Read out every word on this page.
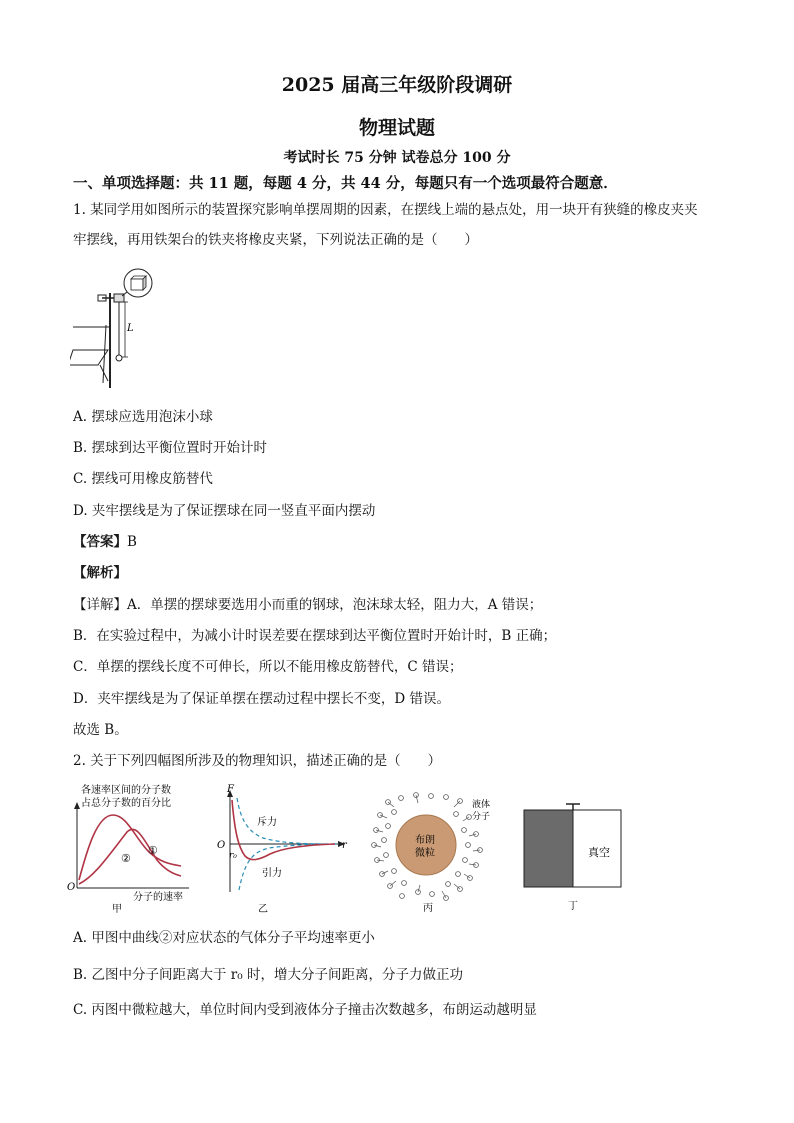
2025 届高三年级阶段调研
物理试题
考试时长 75 分钟 试卷总分 100 分
一、单项选择题：共 11 题，每题 4 分，共 44 分，每题只有一个选项最符合题意．
1. 某同学用如图所示的装置探究影响单摆周期的因素，在摆线上端的悬点处，用一块开有狭缝的橡皮夹夹
牢摆线，再用铁架台的铁夹将橡皮夹紧，下列说法正确的是（　　）
L
A. 摆球应选用泡沫小球
B. 摆球到达平衡位置时开始计时
C. 摆线可用橡皮筋替代
D. 夹牢摆线是为了保证摆球在同一竖直平面内摆动
【答案】B
【解析】
【详解】A．单摆的摆球要选用小而重的钢球，泡沫球太轻，阻力大，A 错误；
B．在实验过程中，为减小计时误差要在摆球到达平衡位置时开始计时，B 正确；
C．单摆的摆线长度不可伸长，所以不能用橡皮筋替代，C 错误；
D．夹牢摆线是为了保证单摆在摆动过程中摆长不变，D 错误。
故选 B。
2. 关于下列四幅图所涉及的物理知识，描述正确的是（　　）
各速率区间的分子数
占总分子数的百分比
O
①
②
分子的速率
甲
F
r
O
r₀
斥力
引力
乙
布朗
微粒
液体
分子
丙
真空
丁
A. 甲图中曲线②对应状态的气体分子平均速率更小
B. 乙图中分子间距离大于 r₀ 时，增大分子间距离，分子力做正功
C. 丙图中微粒越大，单位时间内受到液体分子撞击次数越多，布朗运动越明显
